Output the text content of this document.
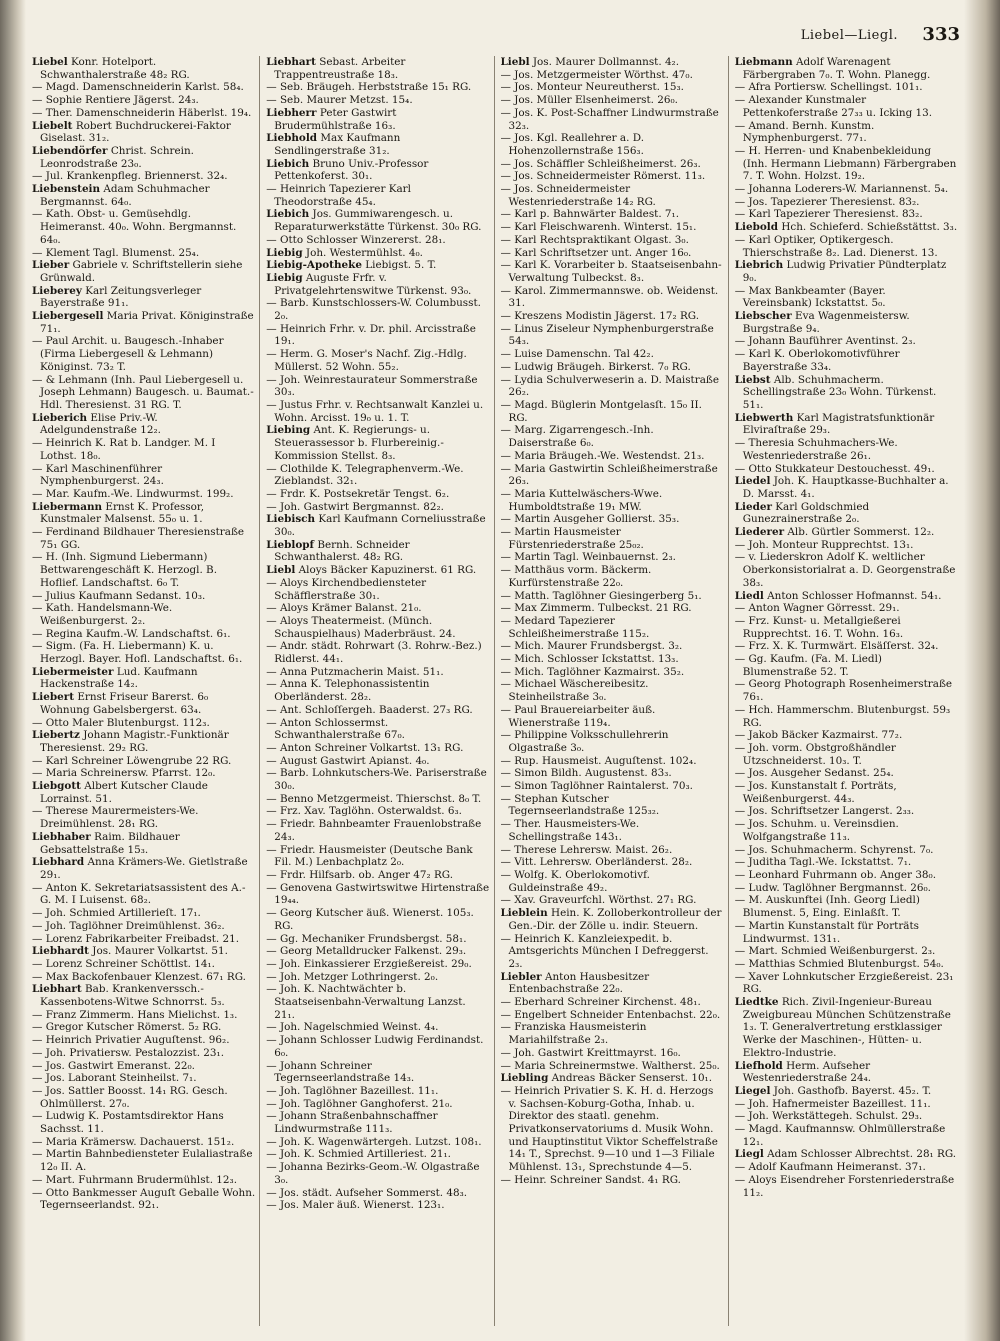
Liebel—Liegl. 333

Liebel Konr. Hotelport. Schwanthalerstraße 48₂ RG.

— Magd. Damenschneiderin Karlst. 58₄.

— Sophie Rentiere Jägerst. 24₃.

— Ther. Damenschneiderin Häberlst. 19₄.

Liebelt Robert Buchdruckerei-Faktor Giselast. 31₂.

Liebendörfer Christ. Schrein. Leonrodstraße 23₀.

— Jul. Krankenpfleg. Briennerst. 32₄.

Liebenstein Adam Schuhmacher Bergmannst. 64₀.

— Kath. Obst- u. Gemüsehdlg. Heimeranst. 40₀. Wohn. Bergmannst. 64₀.

— Klement Tagl. Blumenst. 25₄.

Lieber Gabriele v. Schriftstellerin siehe Grünwald.

Lieberey Karl Zeitungsverleger Bayerstraße 91₁.

Liebergesell Maria Privat. Königinstraße 71₁.

— Paul Archit. u. Baugesch.-Inhaber (Firma Liebergesell & Lehmann) Königinst. 73₂ T.

— & Lehmann (Inh. Paul Liebergesell u. Joseph Lehmann) Baugesch. u. Baumat.-Hdl. Theresienst. 31 RG. T.

Lieberich Elise Priv.-W. Adelgundenstraße 12₂.

— Heinrich K. Rat b. Landger. M. I Lothst. 18₀.

— Karl Maschinenführer Nymphenburgerst. 24₃.

— Mar. Kaufm.-We. Lindwurmst. 199₂.

Liebermann Ernst K. Professor, Kunstmaler Malsenst. 55₀ u. 1.

— Ferdinand Bildhauer Theresienstraße 75₁ GG.

— H. (Inh. Sigmund Liebermann) Bettwarengeschäft K. Herzogl. B. Hoflief. Landschaftst. 6₀ T.

— Julius Kaufmann Sedanst. 10₃.

— Kath. Handelsmann-We. Weißenburgerst. 2₂.

— Regina Kaufm.-W. Landschaftst. 6₁.

— Sigm. (Fa. H. Liebermann) K. u. Herzogl. Bayer. Hofl. Landschaftst. 6₁.

Liebermeister Lud. Kaufmann Hackenstraße 14₂.

Liebert Ernst Friseur Barerst. 6₀ Wohnung Gabelsbergerst. 63₄.

— Otto Maler Blutenburgst. 112₃.

Liebertz Johann Magistr.-Funktionär Theresienst. 29₂ RG.

— Karl Schreiner Löwengrube 22 RG.

— Maria Schreinersw. Pfarrst. 12₀.

Liebgott Albert Kutscher Claude Lorrainst. 51.

— Therese Maurermeisters-We. Dreimühlenst. 28₁ RG.

Liebhaber Raim. Bildhauer Gebsattelstraße 15₃.

Liebhard Anna Krämers-We. Gietlstraße 29₁.

— Anton K. Sekretariatsassistent des A.-G. M. I Luisenst. 68₂.

— Joh. Schmied Artillerieſt. 17₁.

— Joh. Taglöhner Dreimühlenst. 36₂.

— Lorenz Fabrikarbeiter Freibadst. 21.

Liebhardt Jos. Maurer Volkartst. 51.

— Lorenz Schreiner Schöttlst. 14₁.

— Max Backofenbauer Klenzest. 67₁ RG.

Liebhart Bab. Krankenverssch.-Kassenbotens-Witwe Schnorrst. 5₃.

— Franz Zimmerm. Hans Mielichst. 1₃.

— Gregor Kutscher Römerst. 5₂ RG.

— Heinrich Privatier Auguſtenst. 96₂.

— Joh. Privatiersw. Pestalozzist. 23₁.

— Jos. Gastwirt Emeranst. 22₀.

— Jos. Laborant Steinheilst. 7₁.

— Jos. Sattler Boosst. 14₁ RG. Gesch. Ohlmüllerst. 27₀.

— Ludwig K. Postamtsdirektor Hans Sachsst. 11.

— Maria Krämersw. Dachauerst. 151₂.

— Martin Bahnbediensteter Eulaliastraße 12₀ II. A.

— Mart. Fuhrmann Brudermühlst. 12₃.

— Otto Bankmesser Auguſt Geballe Wohn. Tegernseerlandst. 92₁.

Liebhart Sebast. Arbeiter Trappentreustraße 18₃.

— Seb. Bräugeh. Herbststraße 15₁ RG.

— Seb. Maurer Metzst. 15₄.

Liebherr Peter Gastwirt Brudermühlstraße 16₃.

Liebhold Max Kaufmann Sendlingerstraße 31₂.

Liebich Bruno Univ.-Professor Pettenkoferst. 30₁.

— Heinrich Tapezierer Karl Theodorstraße 45₄.

Liebich Jos. Gummiwarengesch. u. Reparaturwerkstätte Türkenst. 30₀ RG.

— Otto Schlosser Winzererst. 28₁.

Liebig Joh. Westermühlst. 4₀.

Liebig-Apotheke Liebigst. 5. T.

Liebig Auguste Frfr. v. Privatgelehrtenswitwe Türkenst. 93₀.

— Barb. Kunstschlossers-W. Columbusst. 2₀.

— Heinrich Frhr. v. Dr. phil. Arcisstraße 19₁.

— Herm. G. Moser's Nachf. Zig.-Hdlg. Müllerst. 52 Wohn. 55₂.

— Joh. Weinrestaurateur Sommerstraße 30₃.

— Justus Frhr. v. Rechtsanwalt Kanzlei u. Wohn. Arcisst. 19₀ u. 1. T.

Liebing Ant. K. Regierungs- u. Steuerassessor b. Flurbereinig.-Kommission Stellst. 8₃.

— Clothilde K. Telegraphenverm.-We. Zieblandst. 32₁.

— Frdr. K. Postsekretär Tengst. 6₂.

— Joh. Gastwirt Bergmannst. 82₂.

Liebisch Karl Kaufmann Corneliusstraße 30₀.

Lieblopf Bernh. Schneider Schwanthalerst. 48₂ RG.

Liebl Aloys Bäcker Kapuzinerst. 61 RG.

— Aloys Kirchendbediensteter Schäfflerstraße 30₁.

— Aloys Krämer Balanst. 21₀.

— Aloys Theatermeist. (Münch. Schauspielhaus) Maderbräust. 24.

— Andr. städt. Rohrwart (3. Rohrw.-Bez.) Ridlerst. 44₁.

— Anna Putzmacherin Maist. 51₁.

— Anna K. Telephonassistentin Oberländerst. 28₂.

— Ant. Schloſſergeh. Baaderst. 27₃ RG.

— Anton Schlossermst. Schwanthalerstraße 67₀.

— Anton Schreiner Volkartst. 13₁ RG.

— August Gastwirt Apianst. 4₀.

— Barb. Lohnkutschers-We. Pariserstraße 30₀.

— Benno Metzgermeist. Thierschst. 8₀ T.

— Frz. Xav. Taglöhn. Osterwaldst. 6₃.

— Friedr. Bahnbeamter Frauenlobstraße 24₃.

— Friedr. Hausmeister (Deutsche Bank Fil. M.) Lenbachplatz 2₀.

— Frdr. Hilfsarb. ob. Anger 47₂ RG.

— Genovena Gastwirtswitwe Hirtenstraße 19₄₄.

— Georg Kutscher äuß. Wienerst. 105₃. RG.

— Gg. Mechaniker Frundsbergst. 58₁.

— Georg Metalldrucker Falkenst. 29₃.

— Joh. Einkassierer Erzgießereist. 29₀.

— Joh. Metzger Lothringerst. 2₀.

— Joh. K. Nachtwächter b. Staatseisenbahn-Verwaltung Lanzst. 21₁.

— Joh. Nagelschmied Weinst. 4₄.

— Johann Schlosser Ludwig Ferdinandst. 6₀.

— Johann Schreiner Tegernseerlandstraße 14₃.

— Joh. Taglöhner Bazeillest. 11₁.

— Joh. Taglöhner Ganghoferst. 21₀.

— Johann Straßenbahnschaffner Lindwurmstraße 111₃.

— Joh. K. Wagenwärtergeh. Lutzst. 108₁.

— Joh. K. Schmied Artilleriest. 21₁.

— Johanna Bezirks-Geom.-W. Olgastraße 3₀.

— Jos. städt. Aufseher Sommerst. 48₃.

— Jos. Maler äuß. Wienerst. 123₁.

Liebl Jos. Maurer Dollmannst. 4₂.

— Jos. Metzgermeister Wörthst. 47₀.

— Jos. Monteur Neureutherst. 15₃.

— Jos. Müller Elsenheimerst. 26₀.

— Jos. K. Post-Schaffner Lindwurmstraße 32₃.

— Jos. Kgl. Reallehrer a. D. Hohenzollernstraße 156₃.

— Jos. Schäffler Schleißheimerst. 26₃.

— Jos. Schneidermeister Römerst. 11₃.

— Jos. Schneidermeister Westenriederstraße 14₂ RG.

— Karl p. Bahnwärter Baldest. 7₁.

— Karl Fleischwarenh. Winterst. 15₁.

— Karl Rechtspraktikant Olgast. 3₀.

— Karl Schriftsetzer unt. Anger 16₀.

— Karl K. Vorarbeiter b. Staatseisenbahn-Verwaltung Tulbeckst. 8₃.

— Karol. Zimmermannswe. ob. Weidenst. 31.

— Kreszens Modistin Jägerst. 17₂ RG.

— Linus Ziseleur Nymphenburgerstraße 54₃.

— Luise Damenschn. Tal 42₂.

— Ludwig Bräugeh. Birkerst. 7₀ RG.

— Lydia Schulverweserin a. D. Maistraße 26₂.

— Magd. Büglerin Montgelasſt. 15₀ II. RG.

— Marg. Zigarrengesch.-Inh. Daiserstraße 6₀.

— Maria Bräugeh.-We. Westendst. 21₃.

— Maria Gastwirtin Schleißheimerstraße 26₃.

— Maria Kuttelwäschers-Wwe. Humboldtstraße 19₁ MW.

— Martin Ausgeher Gollierst. 35₃.

— Martin Hausmeister Fürstenriederstraße 25₀₂.

— Martin Tagl. Weinbauernst. 2₃.

— Matthäus vorm. Bäckerm. Kurfürstenstraße 22₀.

— Matth. Taglöhner Giesingerberg 5₁.

— Max Zimmerm. Tulbeckst. 21 RG.

— Medard Tapezierer Schleißheimerstraße 115₂.

— Mich. Maurer Frundsbergst. 3₂.

— Mich. Schlosser Ickstattst. 13₃.

— Mich. Taglöhner Kazmairst. 35₂.

— Michael Wäschereibesitz. Steinheilstraße 3₀.

— Paul Brauereiarbeiter äuß. Wienerstraße 119₄.

— Philippine Volksschullehrerin Olgastraße 3₀.

— Rup. Hausmeist. Auguſtenst. 102₄.

— Simon Bildh. Augustenst. 83₃.

— Simon Taglöhner Raintalerst. 70₃.

— Stephan Kutscher Tegernseerlandstraße 125₃₂.

— Ther. Hausmeisters-We. Schellingstraße 143₁.

— Therese Lehrersw. Maist. 26₂.

— Vitt. Lehrersw. Oberländerst. 28₂.

— Wolfg. K. Oberlokomotivf. Guldeinstraße 49₂.

— Xav. Graveurfchl. Wörthst. 27₁ RG.

Lieblein Hein. K. Zolloberkontrolleur der Gen.-Dir. der Zölle u. indir. Steuern.

— Heinrich K. Kanzleiexpedit. b. Amtsgerichts München I Defreggerst. 2₃.

Liebler Anton Hausbesitzer Entenbachstraße 22₀.

— Eberhard Schreiner Kirchenst. 48₁.

— Engelbert Schneider Entenbachst. 22₀.

— Franziska Hausmeisterin Mariahilfstraße 2₃.

— Joh. Gastwirt Kreittmayrst. 16₀.

— Maria Schreinermstwe. Waltherst. 25₀.

Liebling Andreas Bäcker Senserst. 10₁.

— Heinrich Privatier S. K. H. d. Herzogs v. Sachsen-Koburg-Gotha, Inhab. u. Direktor des staatl. genehm. Privatkonservatoriums d. Musik Wohn. und Hauptinstitut Viktor Scheffelstraße 14₁ T., Sprechst. 9—10 und 1—3 Filiale Mühlenst. 13₁, Sprechstunde 4—5.

— Heinr. Schreiner Sandst. 4₁ RG.

Liebmann Adolf Warenagent Färbergraben 7₀. T. Wohn. Planegg.

— Afra Portiersw. Schellingst. 101₁.

— Alexander Kunstmaler Pettenkoferstraße 27₃₃ u. Icking 13.

— Amand. Bernh. Kunstm. Nymphenburgerst. 77₁.

— H. Herren- und Knabenbekleidung (Inh. Hermann Liebmann) Färbergraben 7. T. Wohn. Holzst. 19₂.

— Johanna Loderers-W. Mariannenst. 5₄.

— Jos. Tapezierer Theresienst. 83₂.

— Karl Tapezierer Theresienst. 83₂.

Liebold Hch. Schieferd. Schießstättst. 3₃.

— Karl Optiker, Optikergesch. Thierschstraße 8₂. Lad. Dienerst. 13.

Liebrich Ludwig Privatier Pündterplatz 9₀.

— Max Bankbeamter (Bayer. Vereinsbank) Ickstattst. 5₀.

Liebscher Eva Wagenmeistersw. Burgstraße 9₄.

— Johann Bauführer Aventinst. 2₃.

— Karl K. Oberlokomotivführer Bayerstraße 33₄.

Liebst Alb. Schuhmacherm. Schellingstraße 23₀ Wohn. Türkenst. 51₁.

Liebwerth Karl Magistratsfunktionär Elviraſtraße 29₃.

— Theresia Schuhmachers-We. Westenriederstraße 26₁.

— Otto Stukkateur Destouchesst. 49₁.

Liedel Joh. K. Hauptkasse-Buchhalter a. D. Marsst. 4₁.

Lieder Karl Goldschmied Gunezrainerstraße 2₀.

Liederer Alb. Gürtler Sommerst. 12₂.

— Joh. Monteur Rupprechtst. 13₁.

— v. Liederskron Adolf K. weltlicher Oberkonsistorialrat a. D. Georgenstraße 38₃.

Liedl Anton Schlosser Hofmannst. 54₁.

— Anton Wagner Görresst. 29₁.

— Frz. Kunst- u. Metallgießerei Rupprechtst. 16. T. Wohn. 16₃.

— Frz. X. K. Turmwärt. Elsäſſerst. 32₄.

— Gg. Kaufm. (Fa. M. Liedl) Blumenstraße 52. T.

— Georg Photograph Rosenheimerstraße 76₁.

— Hch. Hammerschm. Blutenburgst. 59₃ RG.

— Jakob Bäcker Kazmairst. 77₂.

— Joh. vorm. Obstgroßhändler Utzschneiderst. 10₃. T.

— Jos. Ausgeher Sedanst. 25₄.

— Jos. Kunstanstalt f. Porträts, Weißenburgerst. 44₃.

— Jos. Schriftsetzer Langerst. 2₃₃.

— Jos. Schuhm. u. Vereinsdien. Wolfgangstraße 11₃.

— Jos. Schuhmacherm. Schyrenst. 7₀.

— Juditha Tagl.-We. Ickstattst. 7₁.

— Leonhard Fuhrmann ob. Anger 38₀.

— Ludw. Taglöhner Bergmannst. 26₀.

— M. Auskunftei (Inh. Georg Liedl) Blumenst. 5, Eing. Einlaßſt. T.

— Martin Kunstanstalt für Porträts Lindwurmst. 131₁.

— Mart. Schmied Weißenburgerst. 2₃.

— Matthias Schmied Blutenburgst. 54₀.

— Xaver Lohnkutscher Erzgießereist. 23₁ RG.

Liedtke Rich. Zivil-Ingenieur-Bureau Zweigbureau München Schützenstraße 1₃. T. Generalvertretung erstklassiger Werke der Maschinen-, Hütten- u. Elektro-Industrie.

Liefhold Herm. Aufseher Westenriederstraße 24₄.

Liegel Joh. Gasthofb. Bayerst. 45₂. T.

— Joh. Hafnermeister Bazeillest. 11₁.

— Joh. Werkstättegeh. Schulst. 29₃.

— Magd. Kaufmannsw. Ohlmüllerstraße 12₁.

Liegl Adam Schlosser Albrechtst. 28₁ RG.

— Adolf Kaufmann Heimeranst. 37₁.

— Aloys Eisendreher Forstenriederstraße 11₂.
